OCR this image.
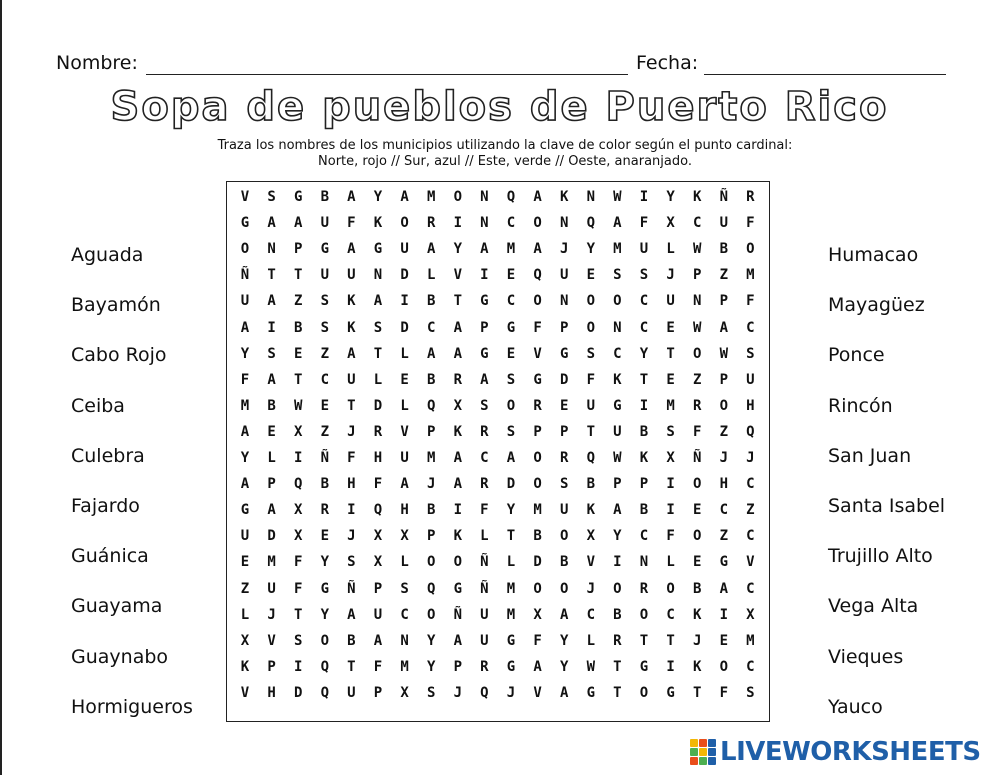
Nombre:	Fecha:
Sopa de pueblos de Puerto Rico
Traza los nombres de los municipios utilizando la clave de color según el punto cardinal:
Norte, rojo // Sur, azul // Este, verde // Oeste, anaranjado.
V	S	G	B	A	Y	A	M	O	N	Q	A	K	N	W	I	Y	K	Ñ	R
G	A	A	U	F	K	O	R	I	N	C	O	N	Q	A	F	X	C	U	F
O	N	P	G	A	G	U	A	Y	A	M	A	J	Y	M	U	L	W	B	O
Ñ	T	T	U	U	N	D	L	V	I	E	Q	U	E	S	S	J	P	Z	M
U	A	Z	S	K	A	I	B	T	G	C	O	N	O	O	C	U	N	P	F
A	I	B	S	K	S	D	C	A	P	G	F	P	O	N	C	E	W	A	C
Y	S	E	Z	A	T	L	A	A	G	E	V	G	S	C	Y	T	O	W	S
F	A	T	C	U	L	E	B	R	A	S	G	D	F	K	T	E	Z	P	U
M	B	W	E	T	D	L	Q	X	S	O	R	E	U	G	I	M	R	O	H
A	E	X	Z	J	R	V	P	K	R	S	P	P	T	U	B	S	F	Z	Q
Y	L	I	Ñ	F	H	U	M	A	C	A	O	R	Q	W	K	X	Ñ	J	J
A	P	Q	B	H	F	A	J	A	R	D	O	S	B	P	P	I	O	H	C
G	A	X	R	I	Q	H	B	I	F	Y	M	U	K	A	B	I	E	C	Z
U	D	X	E	J	X	X	P	K	L	T	B	O	X	Y	C	F	O	Z	C
E	M	F	Y	S	X	L	O	O	Ñ	L	D	B	V	I	N	L	E	G	V
Z	U	F	G	Ñ	P	S	Q	G	Ñ	M	O	O	J	O	R	O	B	A	C
L	J	T	Y	A	U	C	O	Ñ	U	M	X	A	C	B	O	C	K	I	X
X	V	S	O	B	A	N	Y	A	U	G	F	Y	L	R	T	T	J	E	M
K	P	I	Q	T	F	M	Y	P	R	G	A	Y	W	T	G	I	K	O	C
V	H	D	Q	U	P	X	S	J	Q	J	V	A	G	T	O	G	T	F	S
Aguada
Bayamón
Cabo Rojo
Ceiba
Culebra
Fajardo
Guánica
Guayama
Guaynabo
Hormigueros
Humacao
Mayagüez
Ponce
Rincón
San Juan
Santa Isabel
Trujillo Alto
Vega Alta
Vieques
Yauco
LIVEWORKSHEETS
